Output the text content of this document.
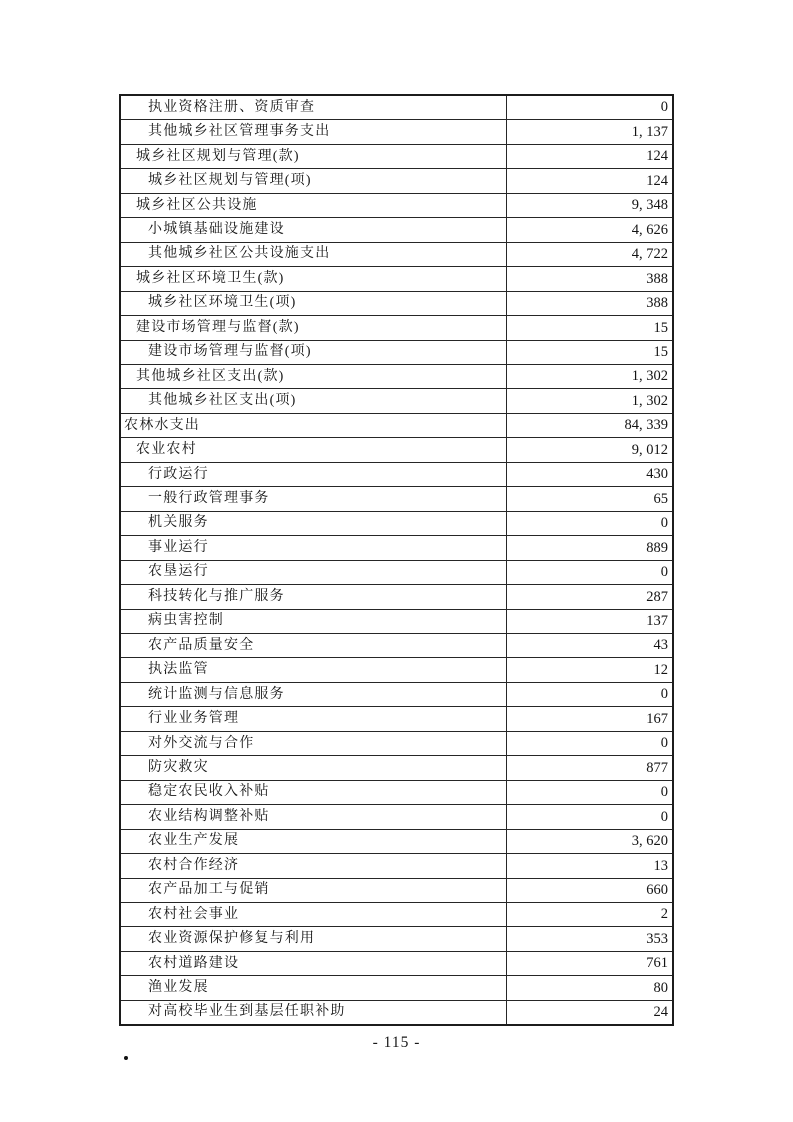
执业资格注册、资质审查	0
其他城乡社区管理事务支出	1, 137
城乡社区规划与管理(款)	124
城乡社区规划与管理(项)	124
城乡社区公共设施	9, 348
小城镇基础设施建设	4, 626
其他城乡社区公共设施支出	4, 722
城乡社区环境卫生(款)	388
城乡社区环境卫生(项)	388
建设市场管理与监督(款)	15
建设市场管理与监督(项)	15
其他城乡社区支出(款)	1, 302
其他城乡社区支出(项)	1, 302
农林水支出	84, 339
农业农村	9, 012
行政运行	430
一般行政管理事务	65
机关服务	0
事业运行	889
农垦运行	0
科技转化与推广服务	287
病虫害控制	137
农产品质量安全	43
执法监管	12
统计监测与信息服务	0
行业业务管理	167
对外交流与合作	0
防灾救灾	877
稳定农民收入补贴	0
农业结构调整补贴	0
农业生产发展	3, 620
农村合作经济	13
农产品加工与促销	660
农村社会事业	2
农业资源保护修复与利用	353
农村道路建设	761
渔业发展	80
对高校毕业生到基层任职补助	24
- 115 -
